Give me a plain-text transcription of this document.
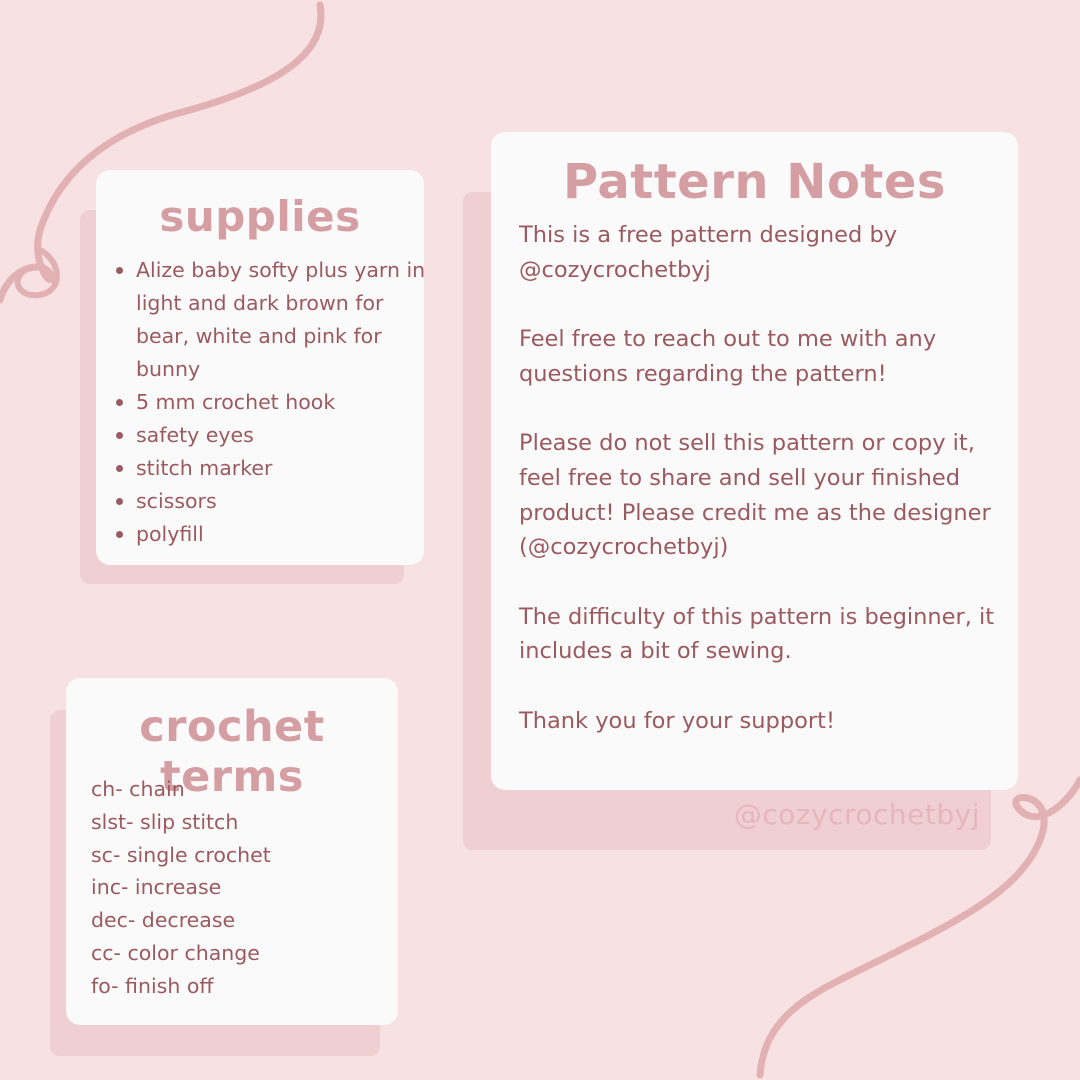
supplies
Alize baby softy plus yarn in light and dark brown for bear, white and pink for bunny
5 mm crochet hook
safety eyes
stitch marker
scissors
polyfill
crochet terms
ch- chain
slst- slip stitch
sc- single crochet
inc- increase
dec- decrease
cc- color change
fo- finish off
Pattern Notes

This is a free pattern designed by @cozycrochetbyj

Feel free to reach out to me with any questions regarding the pattern!

Please do not sell this pattern or copy it, feel free to share and sell your finished product! Please credit me as the designer (@cozycrochetbyj)

The difficulty of this pattern is beginner, it includes a bit of sewing.

Thank you for your support!

@cozycrochetbyj
